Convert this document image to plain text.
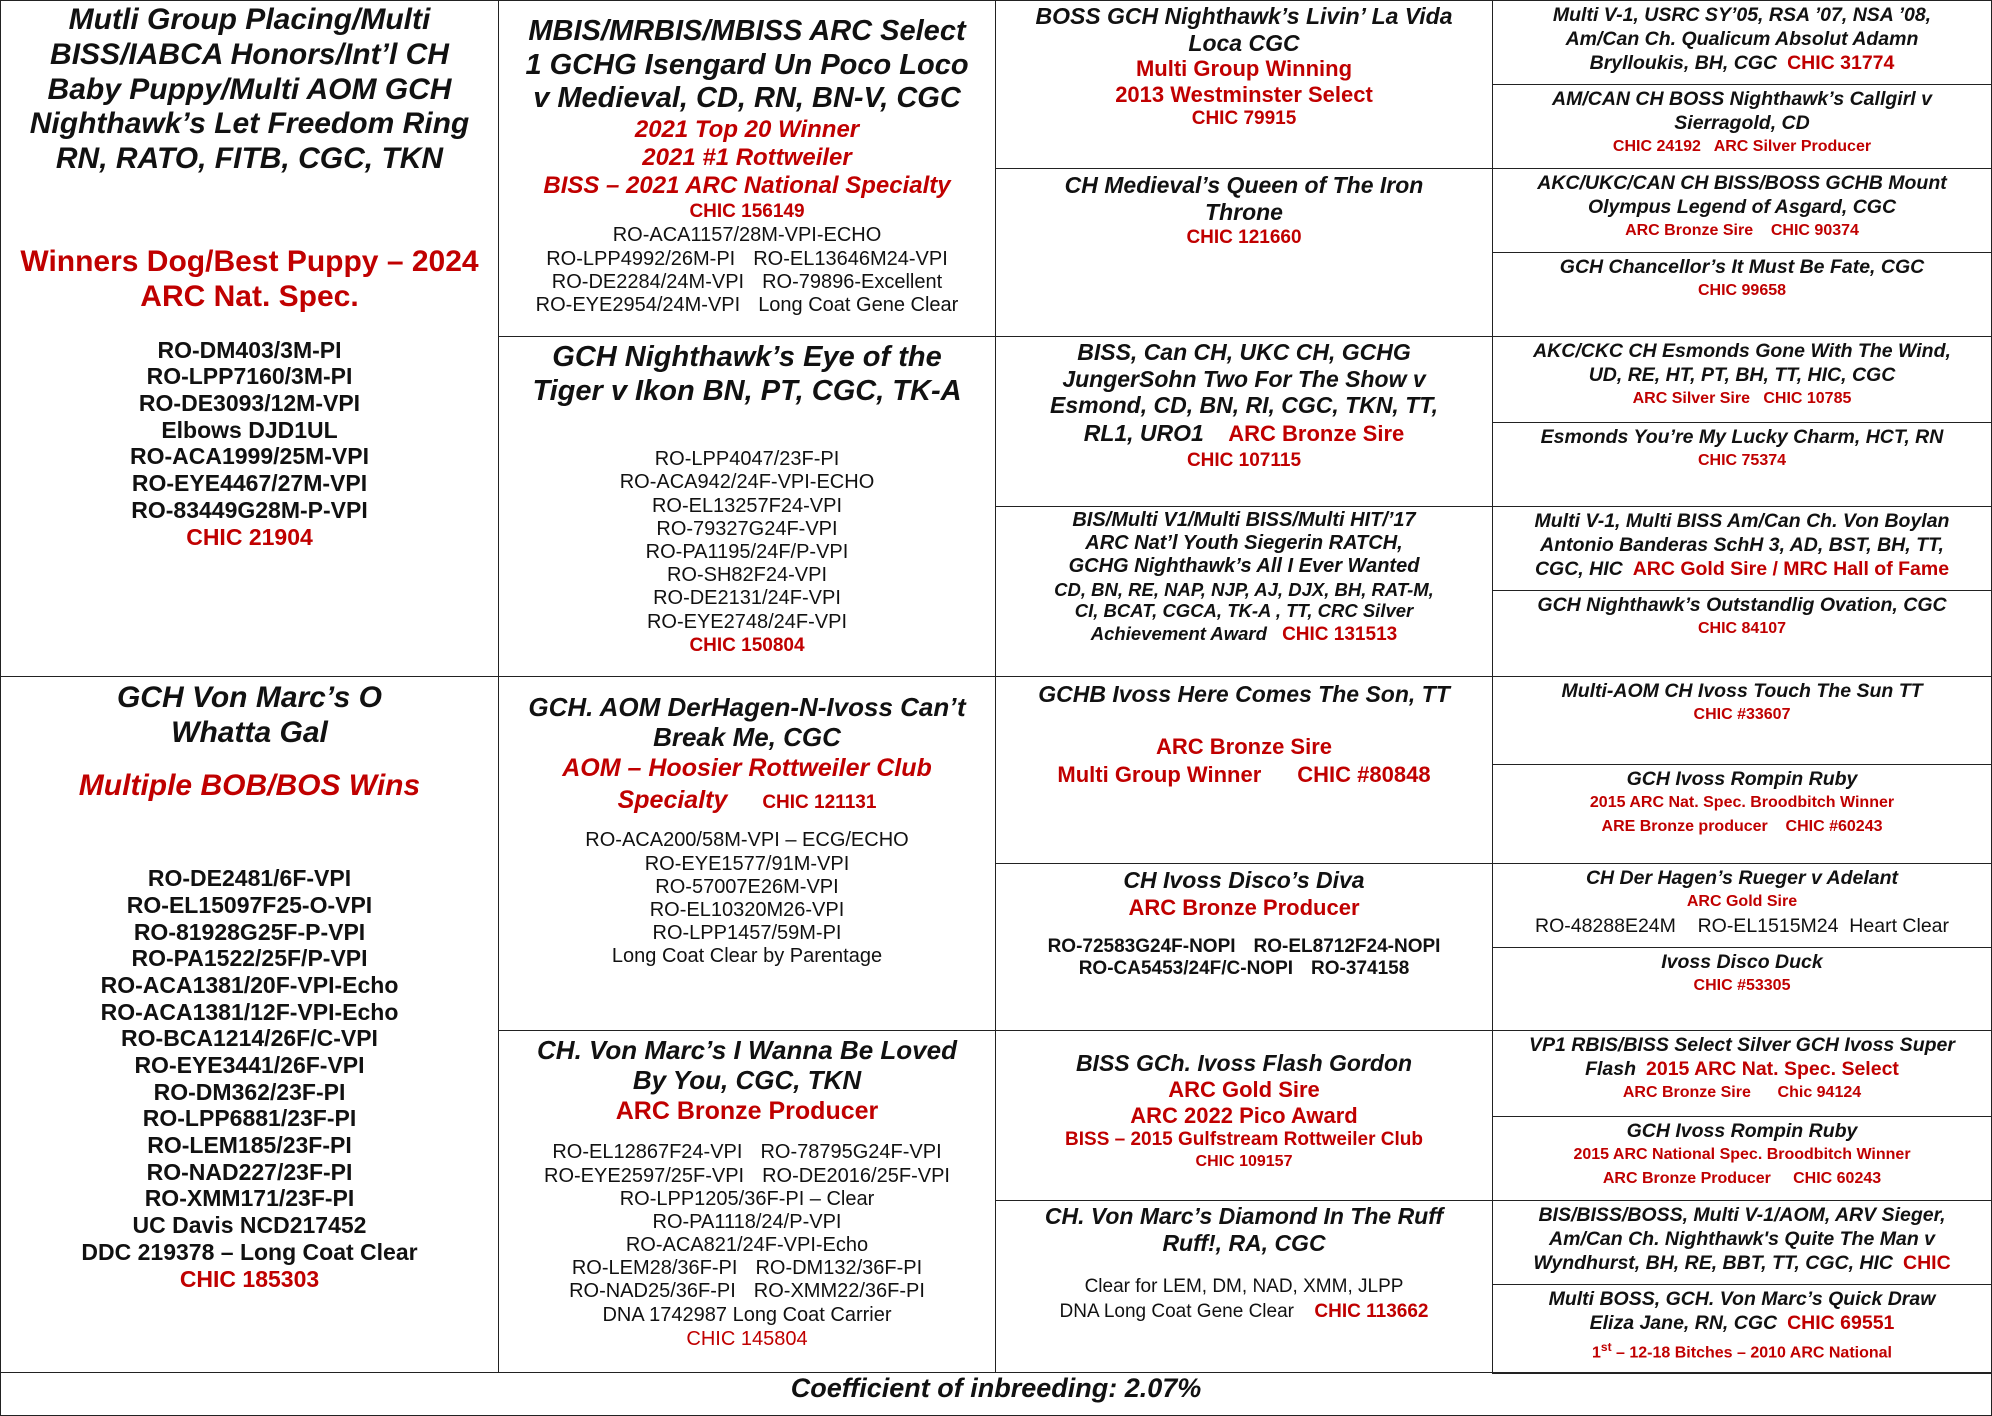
Mutli Group Placing/Multi
BISS/IABCA Honors/Int’l CH
Baby Puppy/Multi AOM GCH
Nighthawk’s Let Freedom Ring
RN, RATO, FITB, CGC, TKN
Winners Dog/Best Puppy – 2024
ARC Nat. Spec.
RO-DM403/3M-PI
RO-LPP7160/3M-PI
RO-DE3093/12M-VPI
Elbows DJD1UL
RO-ACA1999/25M-VPI
RO-EYE4467/27M-VPI
RO-83449G28M-P-VPI
CHIC 21904
GCH Von Marc’s O
Whatta Gal
Multiple BOB/BOS Wins
RO-DE2481/6F-VPI
RO-EL15097F25-O-VPI
RO-81928G25F-P-VPI
RO-PA1522/25F/P-VPI
RO-ACA1381/20F-VPI-Echo
RO-ACA1381/12F-VPI-Echo
RO-BCA1214/26F/C-VPI
RO-EYE3441/26F-VPI
RO-DM362/23F-PI
RO-LPP6881/23F-PI
RO-LEM185/23F-PI
RO-NAD227/23F-PI
RO-XMM171/23F-PI
UC Davis NCD217452
DDC 219378 – Long Coat Clear
CHIC 185303
MBIS/MRBIS/MBISS ARC Select
1 GCHG Isengard Un Poco Loco
v Medieval, CD, RN, BN-V, CGC
2021 Top 20 Winner
2021 #1 Rottweiler
BISS – 2021 ARC National Specialty
CHIC 156149
RO-ACA1157/28M-VPI-ECHO
RO-LPP4992/26M-PI RO-EL13646M24-VPI
RO-DE2284/24M-VPI RO-79896-Excellent
RO-EYE2954/24M-VPI Long Coat Gene Clear
GCH Nighthawk’s Eye of the
Tiger v Ikon BN, PT, CGC, TK-A
RO-LPP4047/23F-PI
RO-ACA942/24F-VPI-ECHO
RO-EL13257F24-VPI
RO-79327G24F-VPI
RO-PA1195/24F/P-VPI
RO-SH82F24-VPI
RO-DE2131/24F-VPI
RO-EYE2748/24F-VPI
CHIC 150804
GCH. AOM DerHagen-N-Ivoss Can’t
Break Me, CGC
AOM – Hoosier Rottweiler Club
Specialty CHIC 121131
RO-ACA200/58M-VPI – ECG/ECHO
RO-EYE1577/91M-VPI
RO-57007E26M-VPI
RO-EL10320M26-VPI
RO-LPP1457/59M-PI
Long Coat Clear by Parentage
CH. Von Marc’s I Wanna Be Loved
By You, CGC, TKN
ARC Bronze Producer
RO-EL12867F24-VPI RO-78795G24F-VPI
RO-EYE2597/25F-VPI RO-DE2016/25F-VPI
RO-LPP1205/36F-PI – Clear
RO-PA1118/24/P-VPI
RO-ACA821/24F-VPI-Echo
RO-LEM28/36F-PI RO-DM132/36F-PI
RO-NAD25/36F-PI RO-XMM22/36F-PI
DNA 1742987 Long Coat Carrier
CHIC 145804
BOSS GCH Nighthawk’s Livin’ La Vida
Loca CGC
Multi Group Winning
2013 Westminster Select
CHIC 79915
CH Medieval’s Queen of The Iron
Throne
CHIC 121660
BISS, Can CH, UKC CH, GCHG
JungerSohn Two For The Show v
Esmond, CD, BN, RI, CGC, TKN, TT,
RL1, URO1 ARC Bronze Sire
CHIC 107115
BIS/Multi V1/Multi BISS/Multi HIT/’17
ARC Nat’l Youth Siegerin RATCH,
GCHG Nighthawk’s All I Ever Wanted
CD, BN, RE, NAP, NJP, AJ, DJX, BH, RAT-M,
CI, BCAT, CGCA, TK-A , TT, CRC Silver
Achievement Award CHIC 131513
GCHB Ivoss Here Comes The Son, TT
ARC Bronze Sire
Multi Group Winner CHIC #80848
CH Ivoss Disco’s Diva
ARC Bronze Producer
RO-72583G24F-NOPI RO-EL8712F24-NOPI
RO-CA5453/24F/C-NOPI RO-374158
BISS GCh. Ivoss Flash Gordon
ARC Gold Sire
ARC 2022 Pico Award
BISS – 2015 Gulfstream Rottweiler Club
CHIC 109157
CH. Von Marc’s Diamond In The Ruff
Ruff!, RA, CGC
Clear for LEM, DM, NAD, XMM, JLPP
DNA Long Coat Gene Clear CHIC 113662
Multi V-1, USRC SY’05, RSA ’07, NSA ’08,
Am/Can Ch. Qualicum Absolut Adamn
Brylloukis, BH, CGC CHIC 31774
AM/CAN CH BOSS Nighthawk’s Callgirl v
Sierragold, CD
CHIC 24192   ARC Silver Producer
AKC/UKC/CAN CH BISS/BOSS GCHB Mount
Olympus Legend of Asgard, CGC
ARC Bronze Sire    CHIC 90374
GCH Chancellor’s It Must Be Fate, CGC
CHIC 99658
AKC/CKC CH Esmonds Gone With The Wind,
UD, RE, HT, PT, BH, TT, HIC, CGC
ARC Silver Sire   CHIC 10785
Esmonds You’re My Lucky Charm, HCT, RN
CHIC 75374
Multi V-1, Multi BISS Am/Can Ch. Von Boylan
Antonio Banderas SchH 3, AD, BST, BH, TT,
CGC, HIC ARC Gold Sire / MRC Hall of Fame
GCH Nighthawk’s Outstandlig Ovation, CGC
CHIC 84107
Multi-AOM CH Ivoss Touch The Sun TT
CHIC #33607
GCH Ivoss Rompin Ruby
2015 ARC Nat. Spec. Broodbitch Winner
ARE Bronze producer    CHIC #60243
CH Der Hagen’s Rueger v Adelant
ARC Gold Sire
RO-48288E24M    RO-EL1515M24  Heart Clear
Ivoss Disco Duck
CHIC #53305
VP1 RBIS/BISS Select Silver GCH Ivoss Super
Flash 2015 ARC Nat. Spec. Select
ARC Bronze Sire      Chic 94124
GCH Ivoss Rompin Ruby
2015 ARC National Spec. Broodbitch Winner
ARC Bronze Producer     CHIC 60243
BIS/BISS/BOSS, Multi V-1/AOM, ARV Sieger,
Am/Can Ch. Nighthawk's Quite The Man v
Wyndhurst, BH, RE, BBT, TT, CGC, HIC CHIC
Multi BOSS, GCH. Von Marc’s Quick Draw
Eliza Jane, RN, CGC CHIC 69551
1st – 12-18 Bitches – 2010 ARC National
Coefficient of inbreeding: 2.07%
